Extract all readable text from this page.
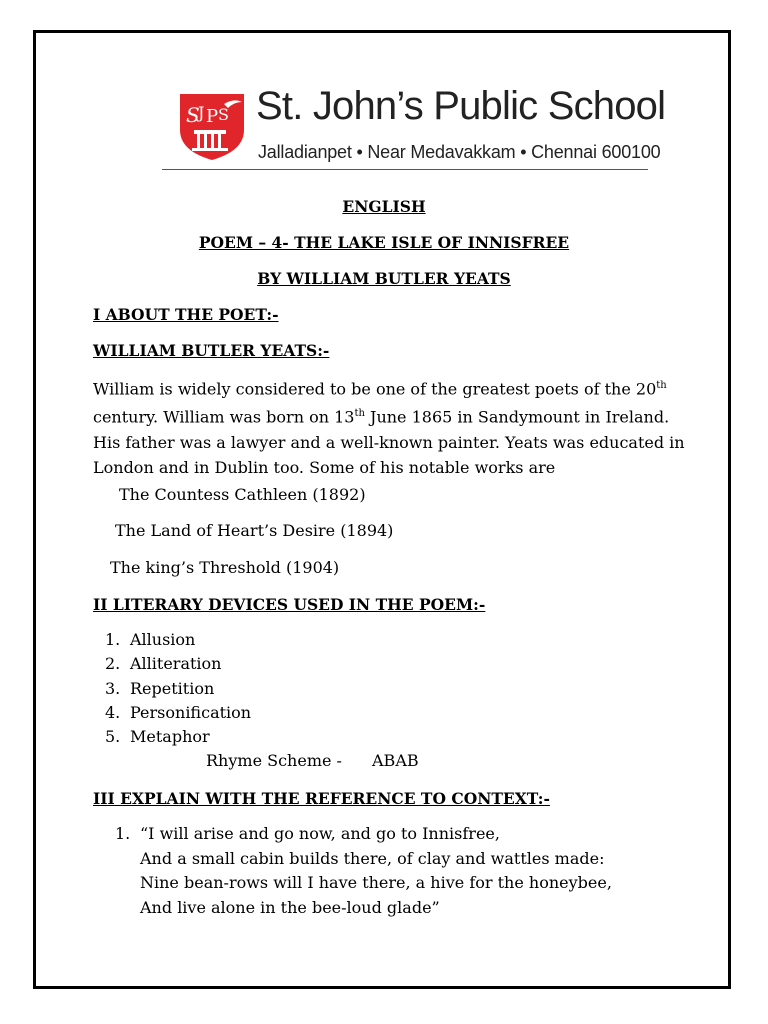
S
J P S St. John’s Public School
Jalladianpet • Near Medavakkam • Chennai 600100
ENGLISH
POEM – 4- THE LAKE ISLE OF INNISFREE
BY WILLIAM BUTLER YEATS
I ABOUT THE POET:-
WILLIAM BUTLER YEATS:-

William is widely considered to be one of the greatest poets of the 20th century. William was born on 13th June 1865 in Sandymount in Ireland. His father was a lawyer and a well-known painter. Yeats was educated in London and in Dublin too. Some of his notable works are

The Countess Cathleen (1892)
The Land of Heart’s Desire (1894)
The king’s Threshold (1904)
II LITERARY DEVICES USED IN THE POEM:-
1. Allusion
2. Alliteration
3. Repetition
4. Personification
5. Metaphor
Rhyme Scheme - ABAB
III EXPLAIN WITH THE REFERENCE TO CONTEXT:-
1. “I will arise and go now, and go to Innisfree,
And a small cabin builds there, of clay and wattles made:
Nine bean-rows will I have there, a hive for the honeybee,
And live alone in the bee-loud glade”
